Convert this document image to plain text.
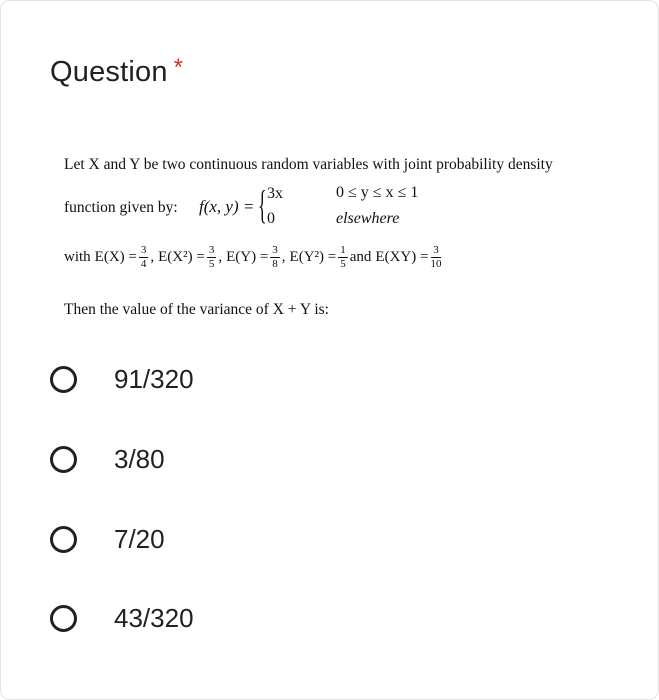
Question *
Let X and Y be two continuous random variables with joint probability density
function given by: f(x, y) = { 3x	0 ≤ y ≤ x ≤ 1
0	elsewhere
with $E(X) = \frac{3}{4}$ , $E(X^2) = \frac{3}{5}$ , $E(Y) = \frac{3}{8}$ , $E(Y^2) = \frac{1}{5}$ and $E(XY) = \frac{3}{10}$
Then the value of the variance of X + Y is:
91/320
3/80
7/20
43/320
